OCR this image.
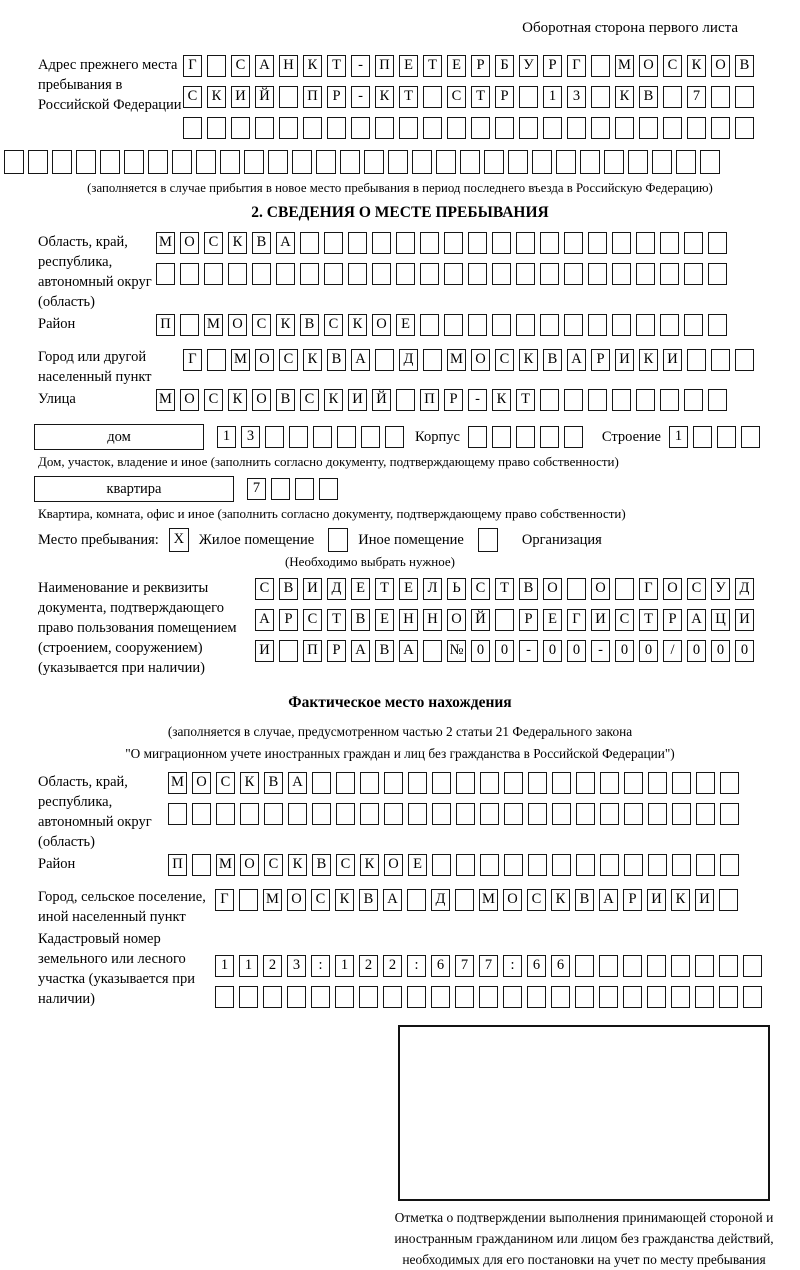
Оборотная сторона первого листа
Адрес прежнего места пребывания в Российской Федерации
Г	С А Н К Т - П Е Т Е Р Б У Р Г	М О С К О В
С К И Й	П Р - К Т	С Т Р	1 3	К В	7
(заполняется в случае прибытия в новое место пребывания в период последнего въезда в Российскую Федерацию)
2. СВЕДЕНИЯ О МЕСТЕ ПРЕБЫВАНИЯ
Область, край, республика, автономный округ (область)
М О С К В А
Район	П	М О С К В С К О Е
Город или другой населенный пункт
Г	М О С К В А	Д	М О С К В А Р И К И
Улица	М О С К О В С К И Й	П Р - К Т
дом	1 3	Корпус	Строение 1
Дом, участок, владение и иное (заполнить согласно документу, подтверждающему право собственности)
квартира	7
Квартира, комната, офис и иное (заполнить согласно документу, подтверждающему право собственности)
Место пребывания:	X	Жилое помещение	Иное помещение	Организация
(Необходимо выбрать нужное)
Наименование и реквизиты документа, подтверждающего право пользования помещением (строением, сооружением) (указывается при наличии)
С В И Д Е Т Е Л Ь С Т В О	О	Г О С У Д
А Р С Т В Е Н Н О Й	Р Е Г И С Т Р А Ц И
И	П Р А В А № 0 0 - 0 0 - 0 0 / 0 0 0
Фактическое место нахождения
(заполняется в случае, предусмотренном частью 2 статьи 21 Федерального закона
"О миграционном учете иностранных граждан и лиц без гражданства в Российской Федерации")
Область, край, республика, автономный округ (область)
М О С К В А
Район	П	М О С К В С К О Е
Город, сельское поселение, иной населенный пункт
Г	М О С К В А	Д	М О С К В А Р И К И
Кадастровый номер земельного или лесного участка (указывается при наличии)
1 1 2 3 : 1 2 2 : 6 7 7 : 6 6
Отметка о подтверждении выполнения принимающей стороной и иностранным гражданином или лицом без гражданства действий, необходимых для его постановки на учет по месту пребывания
